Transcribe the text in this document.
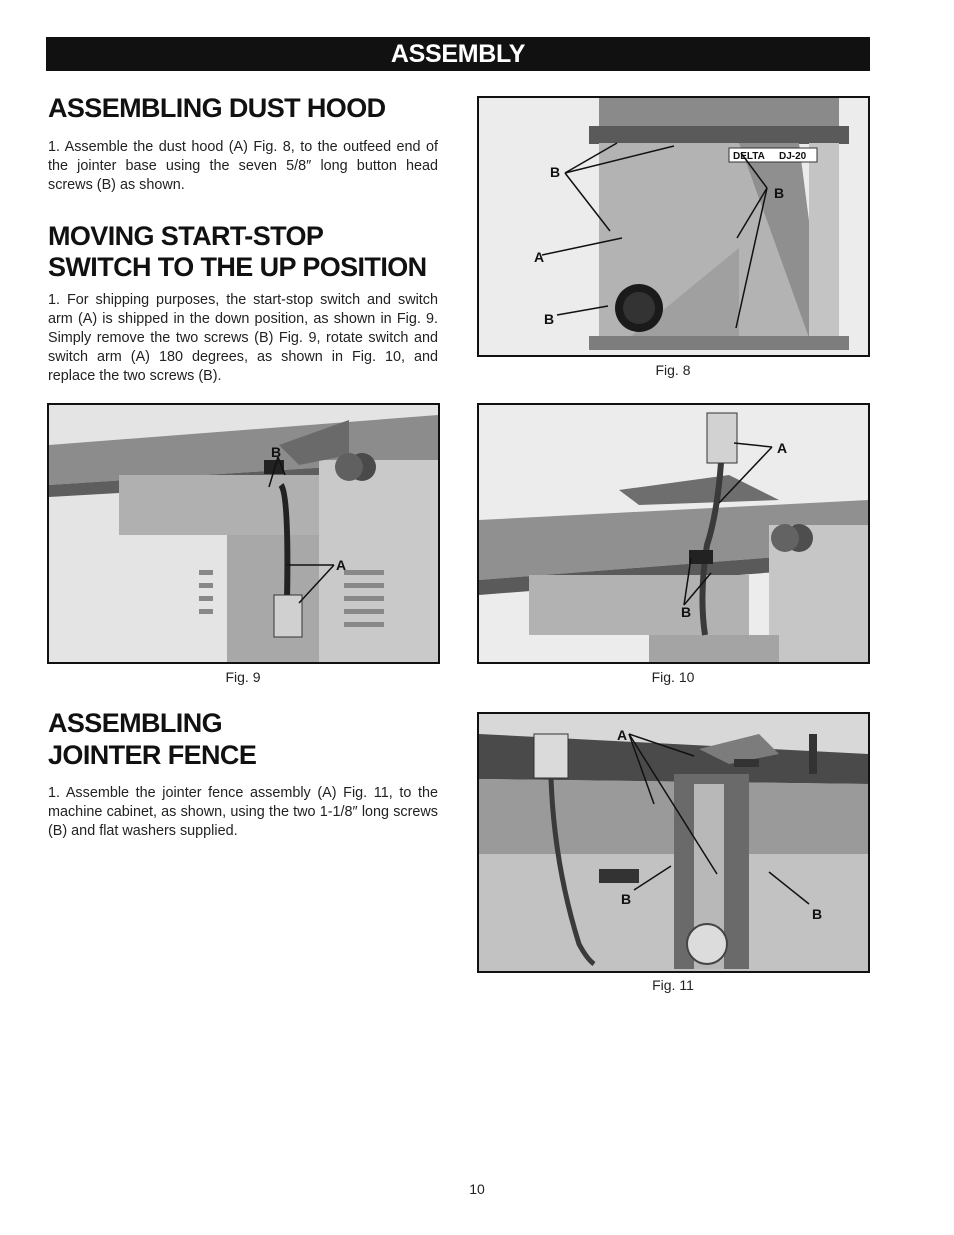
ASSEMBLY
ASSEMBLING DUST HOOD

1. Assemble the dust hood (A) Fig. 8, to the outfeed end of the jointer base using the seven 5/8″ long button head screws (B) as shown.

MOVING START-STOP
SWITCH TO THE UP POSITION

1. For shipping purposes, the start-stop switch and switch arm (A) is shipped in the down position, as shown in Fig. 9. Simply remove the two screws (B) Fig. 9, rotate switch and switch arm (A) 180 degrees, as shown in Fig. 10, and replace the two screws (B).

ASSEMBLING
JOINTER FENCE

1. Assemble the jointer fence assembly (A) Fig. 11, to the machine cabinet, as shown, using the two 1-1/8″ long screws (B) and flat washers supplied.

DELTA DJ-20
B
B
A
B
Fig. 8
B
A
Fig. 9
A
B
Fig. 10
A
B
B
Fig. 11
10
